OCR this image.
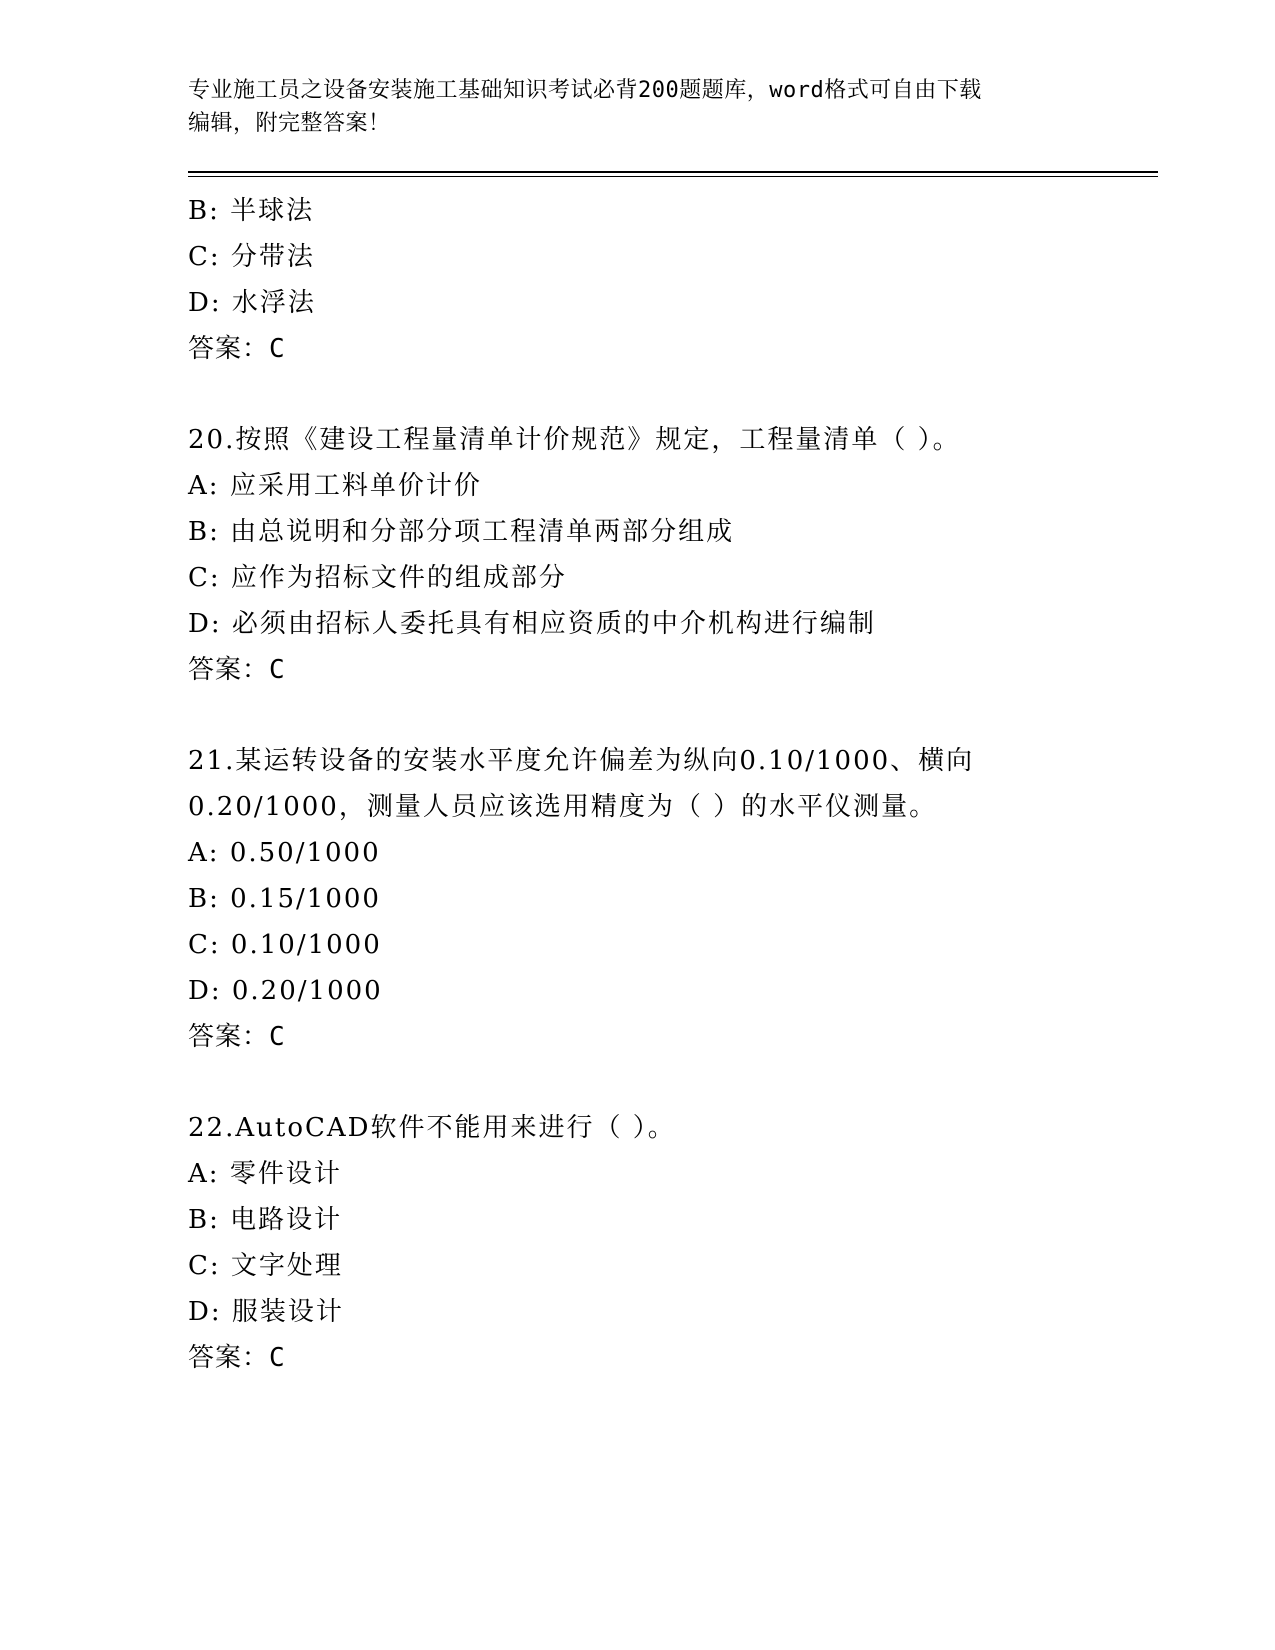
专业施工员之设备安装施工基础知识考试必背200题题库，word格式可自由下载
编辑，附完整答案！
B: 半球法
C: 分带法
D: 水浮法
答案：C
20.按照《建设工程量清单计价规范》规定，工程量清单（ ）。
A: 应采用工料单价计价
B: 由总说明和分部分项工程清单两部分组成
C: 应作为招标文件的组成部分
D: 必须由招标人委托具有相应资质的中介机构进行编制
答案：C
21.某运转设备的安装水平度允许偏差为纵向0.10/1000、横向
0.20/1000，测量人员应该选用精度为（ ）的水平仪测量。
A: 0.50/1000
B: 0.15/1000
C: 0.10/1000
D: 0.20/1000
答案：C
22.AutoCAD软件不能用来进行（ ）。
A: 零件设计
B: 电路设计
C: 文字处理
D: 服装设计
答案：C
